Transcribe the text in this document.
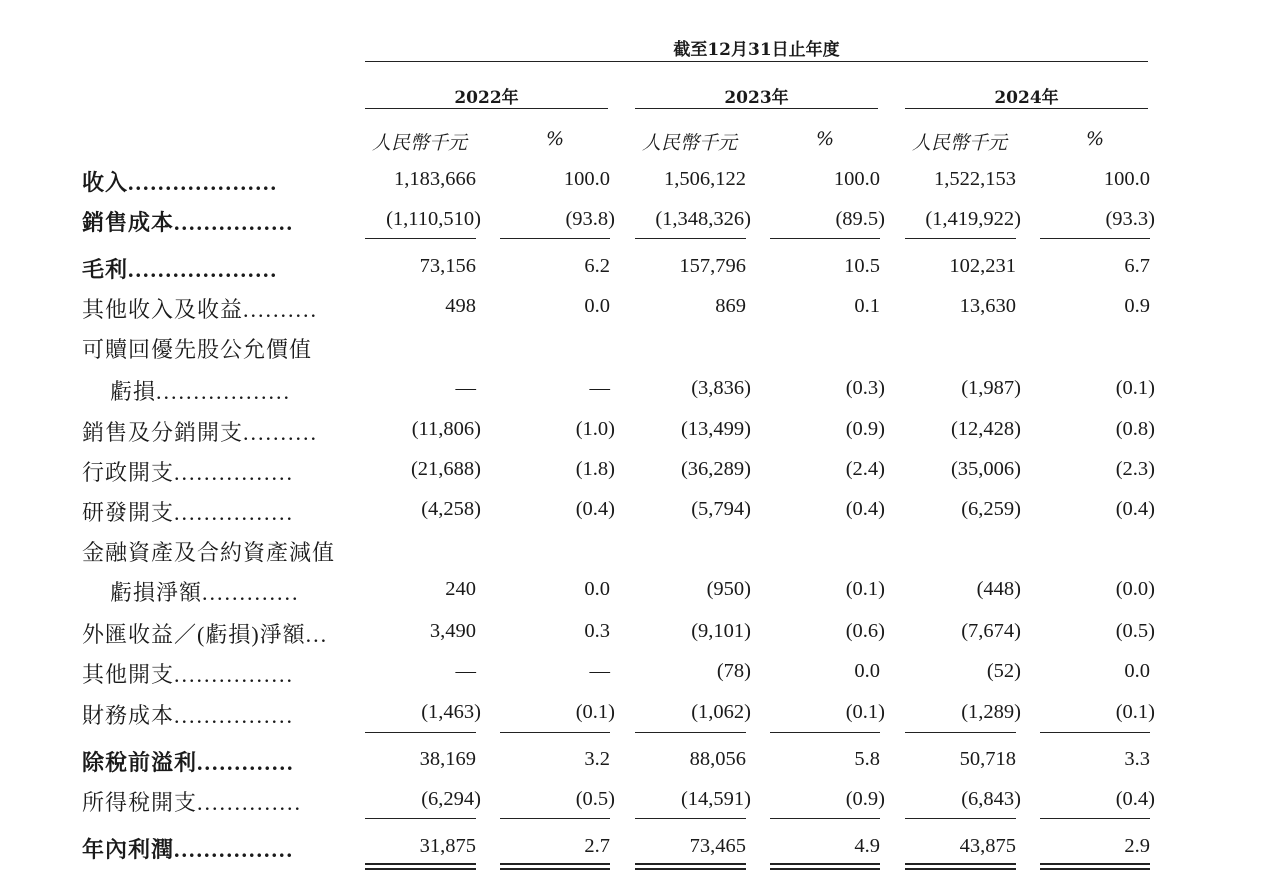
截至12月31日止年度
2022年	2023年	2024年
人民幣千元	%	人民幣千元	%	人民幣千元	%
收入....................	1,183,666	100.0	1,506,122	100.0	1,522,153	100.0
銷售成本................	(1,110,510)	(93.8)	(1,348,326)	(89.5)	(1,419,922)	(93.3)
毛利....................	73,156	6.2	157,796	10.5	102,231	6.7
其他收入及收益..........	498	0.0	869	0.1	13,630	0.9
可贖回優先股公允價值
虧損..................	—	—	(3,836)	(0.3)	(1,987)	(0.1)
銷售及分銷開支..........	(11,806)	(1.0)	(13,499)	(0.9)	(12,428)	(0.8)
行政開支................	(21,688)	(1.8)	(36,289)	(2.4)	(35,006)	(2.3)
研發開支................	(4,258)	(0.4)	(5,794)	(0.4)	(6,259)	(0.4)
金融資產及合約資產減值
虧損淨額.............	240	0.0	(950)	(0.1)	(448)	(0.0)
外匯收益／(虧損)淨額...	3,490	0.3	(9,101)	(0.6)	(7,674)	(0.5)
其他開支................	—	—	(78)	0.0	(52)	0.0
財務成本................	(1,463)	(0.1)	(1,062)	(0.1)	(1,289)	(0.1)
除稅前溢利.............	38,169	3.2	88,056	5.8	50,718	3.3
所得稅開支..............	(6,294)	(0.5)	(14,591)	(0.9)	(6,843)	(0.4)
年內利潤................	31,875	2.7	73,465	4.9	43,875	2.9
